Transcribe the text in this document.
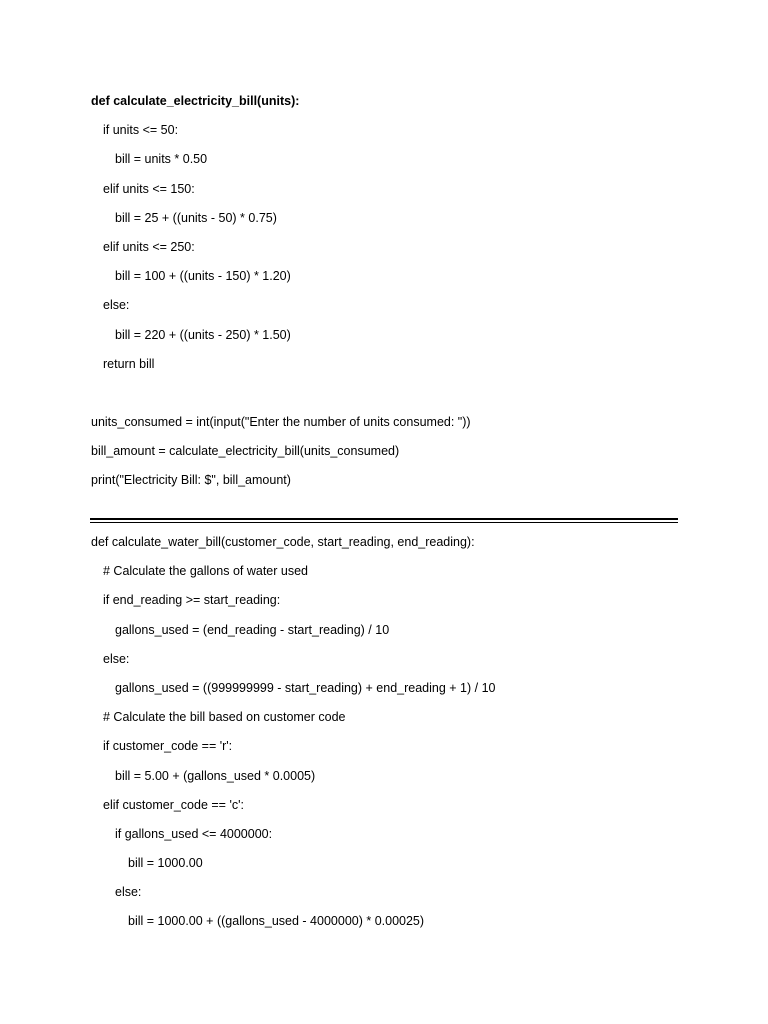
def calculate_electricity_bill(units):
if units <= 50:
bill = units * 0.50
elif units <= 150:
bill = 25 + ((units - 50) * 0.75)
elif units <= 250:
bill = 100 + ((units - 150) * 1.20)
else:
bill = 220 + ((units - 250) * 1.50)
return bill
units_consumed = int(input("Enter the number of units consumed: "))
bill_amount = calculate_electricity_bill(units_consumed)
print("Electricity Bill: $", bill_amount)
def calculate_water_bill(customer_code, start_reading, end_reading):
# Calculate the gallons of water used
if end_reading >= start_reading:
gallons_used = (end_reading - start_reading) / 10
else:
gallons_used = ((999999999 - start_reading) + end_reading + 1) / 10
# Calculate the bill based on customer code
if customer_code == 'r':
bill = 5.00 + (gallons_used * 0.0005)
elif customer_code == 'c':
if gallons_used <= 4000000:
bill = 1000.00
else:
bill = 1000.00 + ((gallons_used - 4000000) * 0.00025)
